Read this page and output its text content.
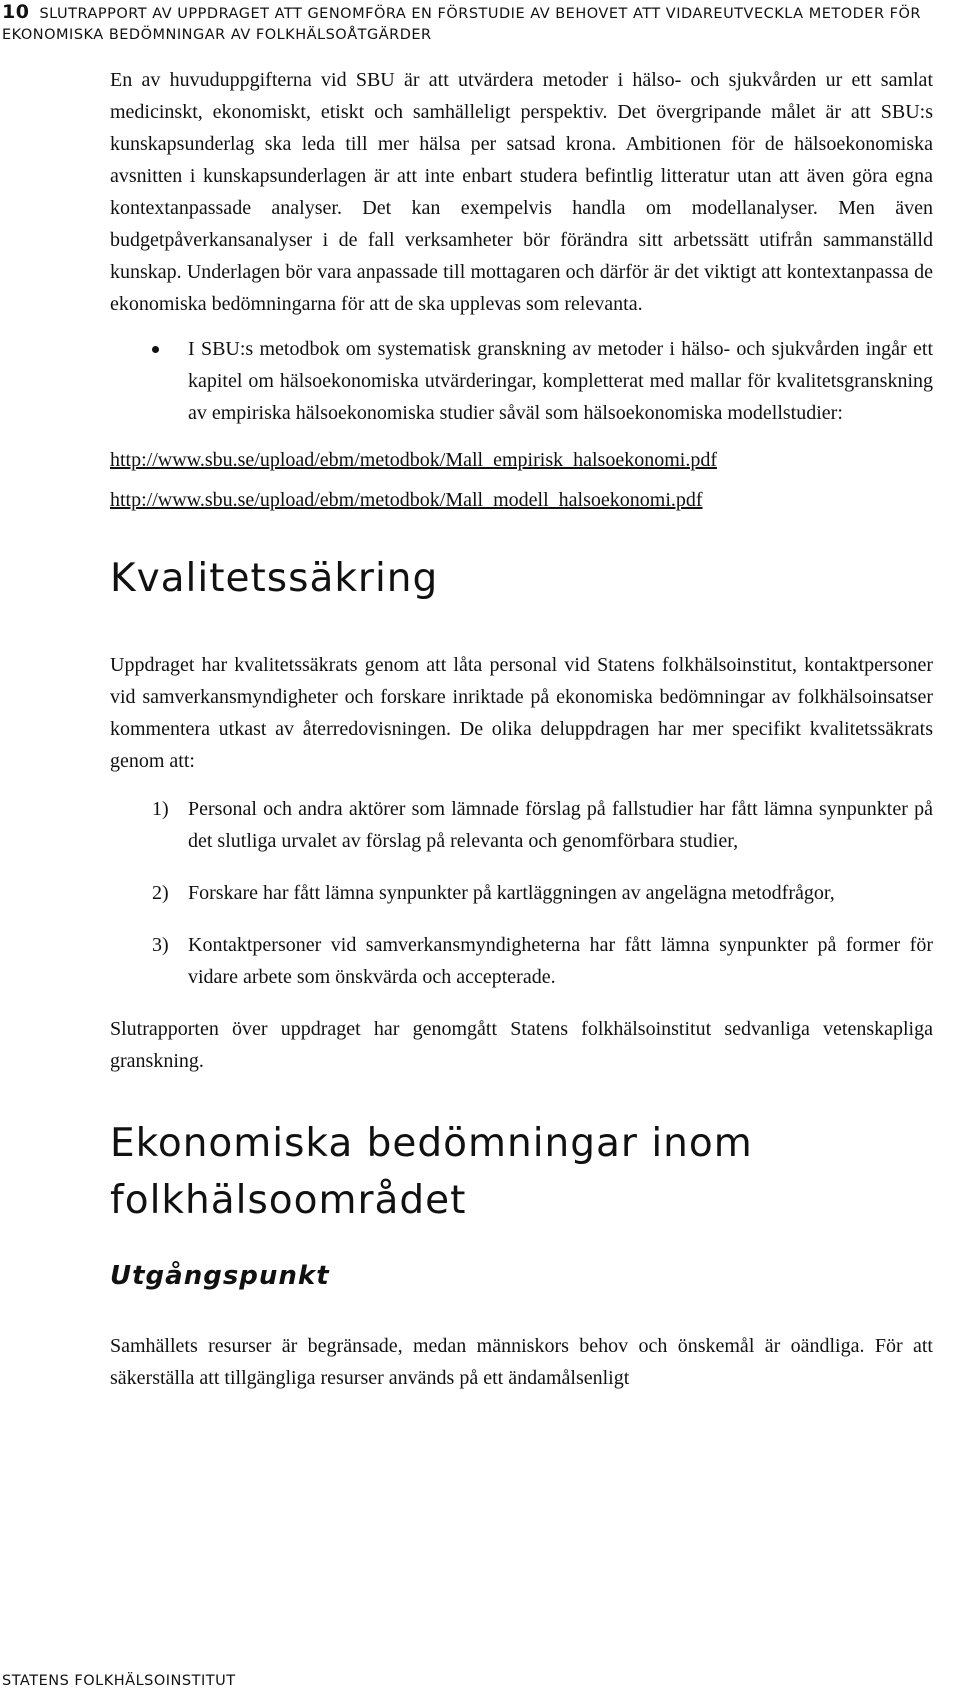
10 SLUTRAPPORT AV UPPDRAGET ATT GENOMFÖRA EN FÖRSTUDIE AV BEHOVET ATT VIDAREUTVECKLA METODER FÖR EKONOMISKA BEDÖMNINGAR AV FOLKHÄLSOÅTGÄRDER

En av huvuduppgifterna vid SBU är att utvärdera metoder i hälso- och sjukvården ur ett samlat medicinskt, ekonomiskt, etiskt och samhälleligt perspektiv. Det övergripande målet är att SBU:s kunskapsunderlag ska leda till mer hälsa per satsad krona. Ambitionen för de hälsoekonomiska avsnitten i kunskapsunderlagen är att inte enbart studera befintlig litteratur utan att även göra egna kontextanpassade analyser. Det kan exempelvis handla om modellanalyser. Men även budgetpåverkansanalyser i de fall verksamheter bör förändra sitt arbetssätt utifrån sammanställd kunskap. Underlagen bör vara anpassade till mottagaren och därför är det viktigt att kontextanpassa de ekonomiska bedömningarna för att de ska upplevas som relevanta.

I SBU:s metodbok om systematisk granskning av metoder i hälso- och sjukvården ingår ett kapitel om hälsoekonomiska utvärderingar, kompletterat med mallar för kvalitetsgranskning av empiriska hälsoekonomiska studier såväl som hälsoekonomiska modellstudier:
http://www.sbu.se/upload/ebm/metodbok/Mall_empirisk_halsoekonomi.pdf
http://www.sbu.se/upload/ebm/metodbok/Mall_modell_halsoekonomi.pdf
Kvalitetssäkring

Uppdraget har kvalitetssäkrats genom att låta personal vid Statens folkhälsoinstitut, kontaktpersoner vid samverkansmyndigheter och forskare inriktade på ekonomiska bedömningar av folkhälsoinsatser kommentera utkast av återredovisningen. De olika deluppdragen har mer specifikt kvalitetssäkrats genom att:

1) Personal och andra aktörer som lämnade förslag på fallstudier har fått lämna synpunkter på det slutliga urvalet av förslag på relevanta och genomförbara studier,
2) Forskare har fått lämna synpunkter på kartläggningen av angelägna metodfrågor,
3) Kontaktpersoner vid samverkansmyndigheterna har fått lämna synpunkter på former för vidare arbete som önskvärda och accepterade.

Slutrapporten över uppdraget har genomgått Statens folkhälsoinstitut sedvanliga vetenskapliga granskning.

Ekonomiska bedömningar inom folkhälsoområdet
Utgångspunkt

Samhällets resurser är begränsade, medan människors behov och önskemål är oändliga. För att säkerställa att tillgängliga resurser används på ett ändamålsenligt

STATENS FOLKHÄLSOINSTITUT
